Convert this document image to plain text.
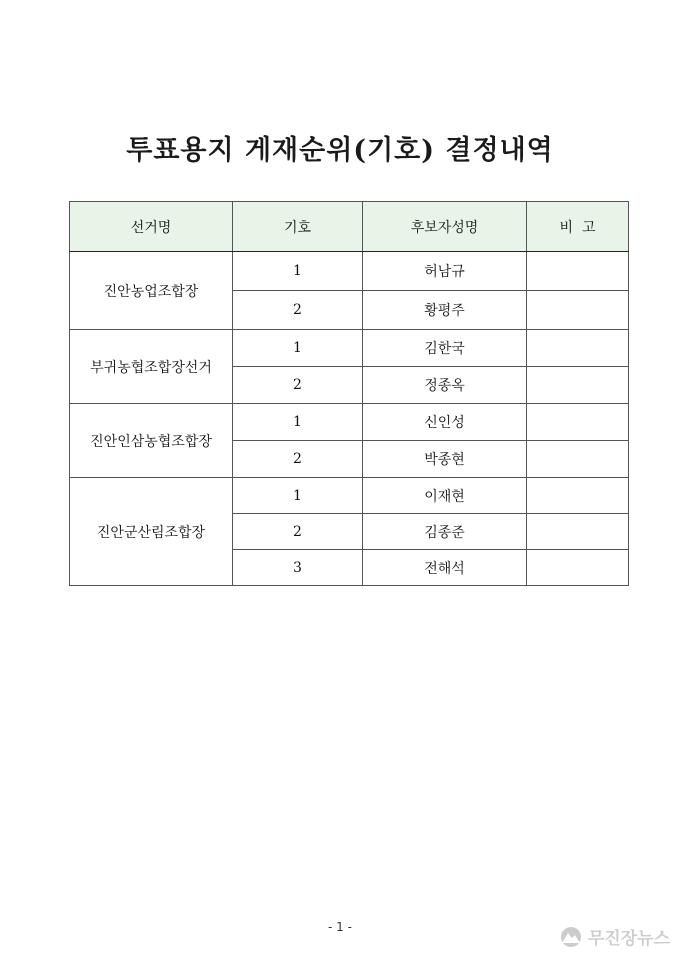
투표용지 게재순위(기호) 결정내역
선거명	기호	후보자성명	비  고
진안농업조합장	1	허남규	
	2	황평주	
부귀농협조합장선거	1	김한국	
	2	정종옥	
진안인삼농협조합장	1	신인성	
	2	박종현	
진안군산림조합장	1	이재현	
	2	김종준	
	3	전해석	
- 1 -
무진장뉴스
